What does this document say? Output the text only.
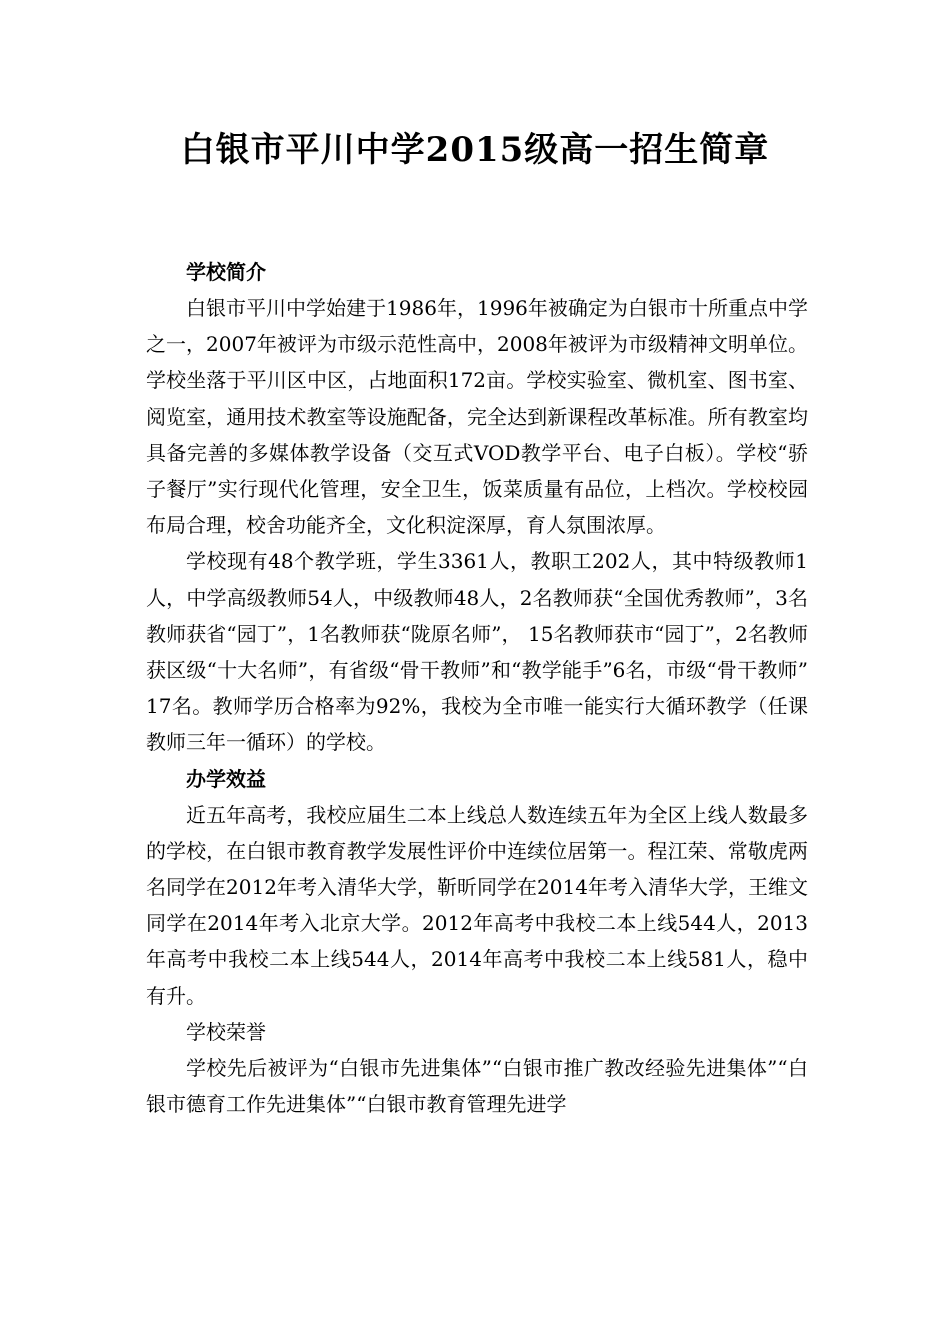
白银市平川中学2015级高一招生简章
学校简介

白银市平川中学始建于1986年，1996年被确定为白银市十所重点中学之一，2007年被评为市级示范性高中，2008年被评为市级精神文明单位。学校坐落于平川区中区，占地面积172亩。学校实验室、微机室、图书室、阅览室，通用技术教室等设施配备，完全达到新课程改革标准。所有教室均具备完善的多媒体教学设备（交互式VOD教学平台、电子白板）。学校“骄子餐厅”实行现代化管理，安全卫生，饭菜质量有品位，上档次。学校校园布局合理，校舍功能齐全，文化积淀深厚，育人氛围浓厚。

学校现有48个教学班，学生3361人，教职工202人，其中特级教师1人，中学高级教师54人，中级教师48人，2名教师获“全国优秀教师”，3名教师获省“园丁”，1名教师获“陇原名师”， 15名教师获市“园丁”，2名教师获区级“十大名师”，有省级“骨干教师”和“教学能手”6名，市级“骨干教师” 17名。教师学历合格率为92%，我校为全市唯一能实行大循环教学（任课教师三年一循环）的学校。

办学效益

近五年高考，我校应届生二本上线总人数连续五年为全区上线人数最多的学校，在白银市教育教学发展性评价中连续位居第一。程江荣、常敬虎两名同学在2012年考入清华大学，靳昕同学在2014年考入清华大学，王维文同学在2014年考入北京大学。2012年高考中我校二本上线544人，2013年高考中我校二本上线544人，2014年高考中我校二本上线581人，稳中有升。

学校荣誉

学校先后被评为“白银市先进集体”“白银市推广教改经验先进集体”“白银市德育工作先进集体”“白银市教育管理先进学
